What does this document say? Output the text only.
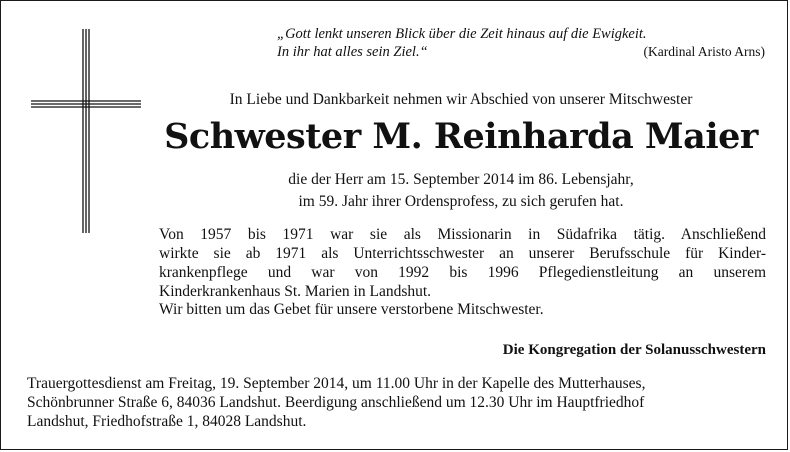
„Gott lenkt unseren Blick über die Zeit hinaus auf die Ewigkeit.
In ihr hat alles sein Ziel.“	(Kardinal Aristo Arns)
In Liebe und Dankbarkeit nehmen wir Abschied von unserer Mitschwester
Schwester M. Reinharda Maier
die der Herr am 15. September 2014 im 86. Lebensjahr,
im 59. Jahr ihrer Ordensprofess, zu sich gerufen hat.

Von 1957 bis 1971 war sie als Missionarin in Südafrika tätig. Anschließend

wirkte sie ab 1971 als Unterrichtsschwester an unserer Berufsschule für Kinder-

krankenpflege und war von 1992 bis 1996 Pflegedienstleitung an unserem

Kinderkrankenhaus St. Marien in Landshut.

Wir bitten um das Gebet für unsere verstorbene Mitschwester.
Die Kongregation der Solanusschwestern
Trauergottesdienst am Freitag, 19. September 2014, um 11.00 Uhr in der Kapelle des Mutterhauses,
Schönbrunner Straße 6, 84036 Landshut. Beerdigung anschließend um 12.30 Uhr im Hauptfriedhof
Landshut, Friedhofstraße 1, 84028 Landshut.
